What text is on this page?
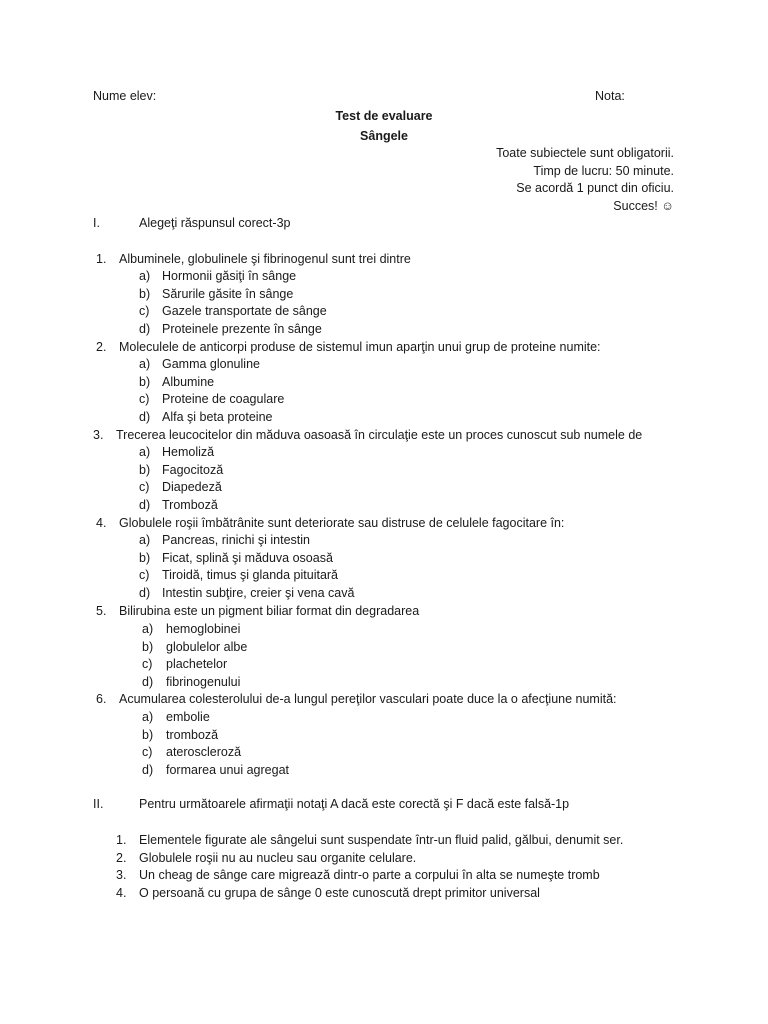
Nume elev:	Nota:
Test de evaluare
Sângele
Toate subiectele sunt obligatorii.
Timp de lucru: 50 minute.
Se acordă 1 punct din oficiu.
Succes! ☺
I.	Alegeţi răspunsul corect-3p
1. Albuminele, globulinele şi fibrinogenul sunt trei dintre
a) Hormonii găsiţi în sânge
b) Sărurile găsite în sânge
c) Gazele transportate de sânge
d) Proteinele prezente în sânge
2. Moleculele de anticorpi produse de sistemul imun aparţin unui grup de proteine numite:
a) Gamma glonuline
b) Albumine
c) Proteine de coagulare
d) Alfa şi beta proteine
3. Trecerea leucocitelor din măduva oasoasă în circulaţie este un proces cunoscut sub numele de
a) Hemoliză
b) Fagocitoză
c) Diapedeză
d) Tromboză
4. Globulele roşii îmbătrânite sunt deteriorate sau distruse de celulele fagocitare în:
a) Pancreas, rinichi şi intestin
b) Ficat, splină şi măduva osoasă
c) Tiroidă, timus şi glanda pituitară
d) Intestin subţire, creier şi vena cavă
5. Bilirubina este un pigment biliar format din degradarea
a) hemoglobinei
b) globulelor albe
c) plachetelor
d) fibrinogenului
6. Acumularea colesterolului de-a lungul pereţilor vasculari poate duce la o afecţiune numită:
a) embolie
b) tromboză
c) ateroscleroză
d) formarea unui agregat
II.	Pentru următoarele afirmaţii notaţi A dacă este corectă şi F dacă este falsă-1p
1. Elementele figurate ale sângelui sunt suspendate într-un fluid palid, gălbui, denumit ser.
2. Globulele roşii nu au nucleu sau organite celulare.
3. Un cheag de sânge care migrează dintr-o parte a corpului în alta se numeşte tromb
4. O persoană cu grupa de sânge 0 este cunoscută drept primitor universal
